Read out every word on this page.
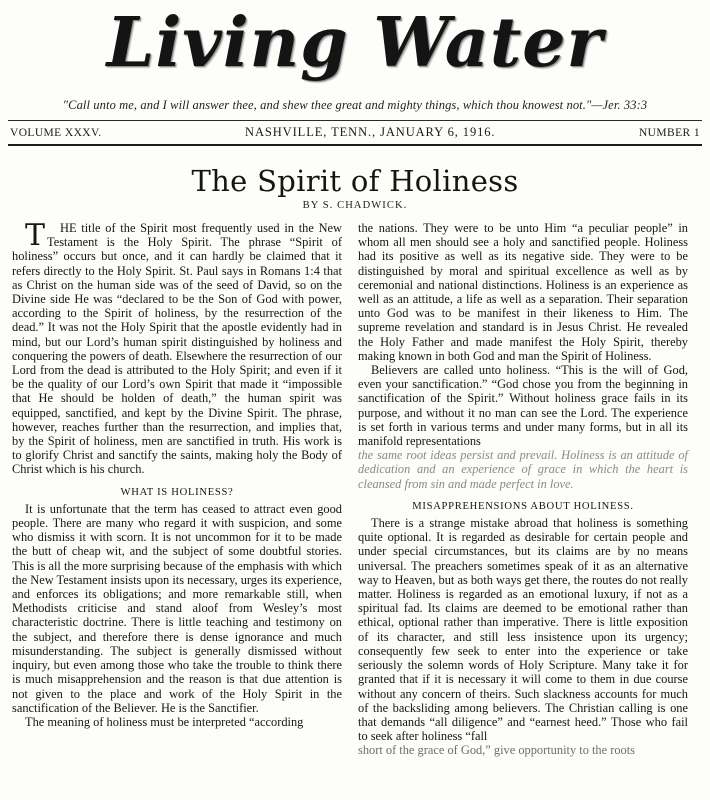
Living Water
"Call unto me, and I will answer thee, and shew thee great and mighty things, which thou knowest not."—Jer. 33:3
VOLUME XXXV.	NASHVILLE, TENN., JANUARY 6, 1916.	NUMBER 1
The Spirit of Holiness
BY S. CHADWICK.

T HE title of the Spirit most frequently used in the New Testament is the Holy Spirit. The phrase “Spirit of holiness” occurs but once, and it can hardly be claimed that it refers directly to the Holy Spirit. St. Paul says in Romans 1:4 that as Christ on the human side was of the seed of David, so on the Divine side He was “declared to be the Son of God with power, according to the Spirit of holiness, by the resurrection of the dead.” It was not the Holy Spirit that the apostle evidently had in mind, but our Lord’s human spirit distinguished by holiness and conquering the powers of death. Elsewhere the resurrection of our Lord from the dead is attributed to the Holy Spirit; and even if it be the quality of our Lord’s own Spirit that made it “impossible that He should be holden of death,” the human spirit was equipped, sanctified, and kept by the Divine Spirit. The phrase, however, reaches further than the resurrection, and implies that, by the Spirit of holiness, men are sanctified in truth. His work is to glorify Christ and sanctify the saints, making holy the Body of Christ which is his church.

WHAT IS HOLINESS?

It is unfortunate that the term has ceased to attract even good people. There are many who regard it with suspicion, and some who dismiss it with scorn. It is not uncommon for it to be made the butt of cheap wit, and the subject of some doubtful stories. This is all the more surprising because of the emphasis with which the New Testament insists upon its necessary, urges its experience, and enforces its obligations; and more remarkable still, when Methodists criticise and stand aloof from Wesley’s most characteristic doctrine. There is little teaching and testimony on the subject, and therefore there is dense ignorance and much misunderstanding. The subject is generally dismissed without inquiry, but even among those who take the trouble to think there is much misapprehension and the reason is that due attention is not given to the place and work of the Holy Spirit in the sanctification of the Believer. He is the Sanctifier.

The meaning of holiness must be interpreted “according

the nations. They were to be unto Him “a peculiar people” in whom all men should see a holy and sanctified people. Holiness had its positive as well as its negative side. They were to be distinguished by moral and spiritual excellence as well as by ceremonial and national distinctions. Holiness is an experience as well as an attitude, a life as well as a separation. Their separation unto God was to be manifest in their likeness to Him. The supreme revelation and standard is in Jesus Christ. He revealed the Holy Father and made manifest the Holy Spirit, thereby making known in both God and man the Spirit of Holiness.

Believers are called unto holiness. “This is the will of God, even your sanctification.” “God chose you from the beginning in sanctification of the Spirit.” Without holiness grace fails in its purpose, and without it no man can see the Lord. The experience is set forth in various terms and under many forms, but in all its manifold representations

the same root ideas persist and prevail. Holiness is an attitude of dedication and an experience of grace in which the heart is cleansed from sin and made perfect in love.

MISAPPREHENSIONS ABOUT HOLINESS.

There is a strange mistake abroad that holiness is something quite optional. It is regarded as desirable for certain people and under special circumstances, but its claims are by no means universal. The preachers sometimes speak of it as an alternative way to Heaven, but as both ways get there, the routes do not really matter. Holiness is regarded as an emotional luxury, if not as a spiritual fad. Its claims are deemed to be emotional rather than ethical, optional rather than imperative. There is little exposition of its character, and still less insistence upon its urgency; consequently few seek to enter into the experience or take seriously the solemn words of Holy Scripture. Many take it for granted that if it is necessary it will come to them in due course without any concern of theirs. Such slackness accounts for much of the backsliding among believers. The Christian calling is one that demands “all diligence” and “earnest heed.” Those who fail to seek after holiness “fall

short of the grace of God,” give opportunity to the roots
